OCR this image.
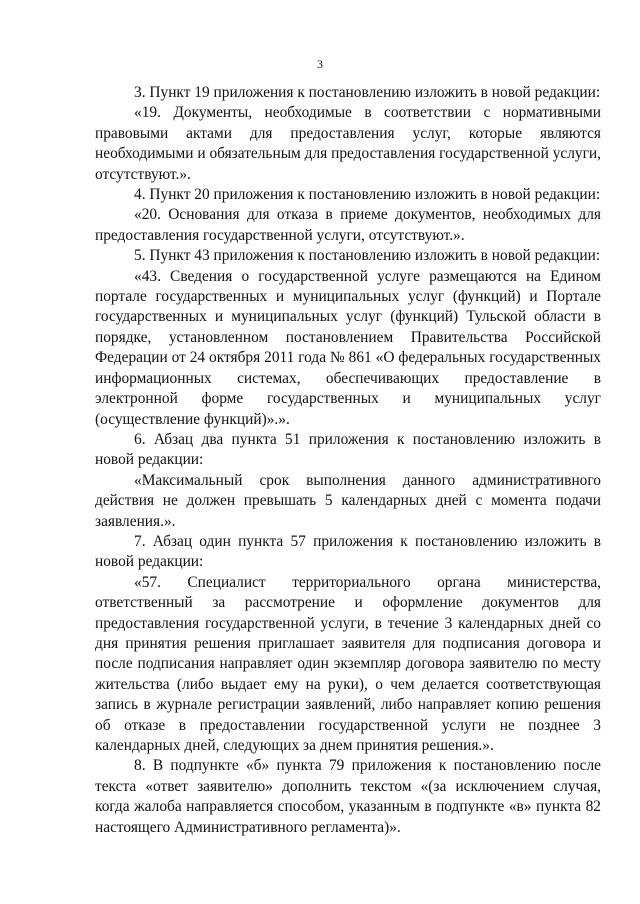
3

3. Пункт 19 приложения к постановлению изложить в новой редакции:

«19. Документы, необходимые в соответствии с нормативными правовыми актами для предоставления услуг, которые являются необходимыми и обязательным для предоставления государственной услуги, отсутствуют.».

4. Пункт 20 приложения к постановлению изложить в новой редакции:

«20. Основания для отказа в приеме документов, необходимых для предоставления государственной услуги, отсутствуют.».

5. Пункт 43 приложения к постановлению изложить в новой редакции:

«43. Сведения о государственной услуге размещаются на Едином портале государственных и муниципальных услуг (функций) и Портале государственных и муниципальных услуг (функций) Тульской области в порядке, установленном постановлением Правительства Российской Федерации от 24 октября 2011 года № 861 «О федеральных государственных информационных системах, обеспечивающих предоставление в электронной форме государственных и муниципальных услуг (осуществление функций)».».

6. Абзац два пункта 51 приложения к постановлению изложить в новой редакции:

«Максимальный срок выполнения данного административного действия не должен превышать 5 календарных дней с момента подачи заявления.».

7. Абзац один пункта 57 приложения к постановлению изложить в новой редакции:

«57. Специалист территориального органа министерства, ответственный за рассмотрение и оформление документов для предоставления государственной услуги, в течение 3 календарных дней со дня принятия решения приглашает заявителя для подписания договора и после подписания направляет один экземпляр договора заявителю по месту жительства (либо выдает ему на руки), о чем делается соответствующая запись в журнале регистрации заявлений, либо направляет копию решения об отказе в предоставлении государственной услуги не позднее 3 календарных дней, следующих за днем принятия решения.».

8. В подпункте «б» пункта 79 приложения к постановлению после текста «ответ заявителю» дополнить текстом «(за исключением случая, когда жалоба направляется способом, указанным в подпункте «в» пункта 82 настоящего Административного регламента)».
